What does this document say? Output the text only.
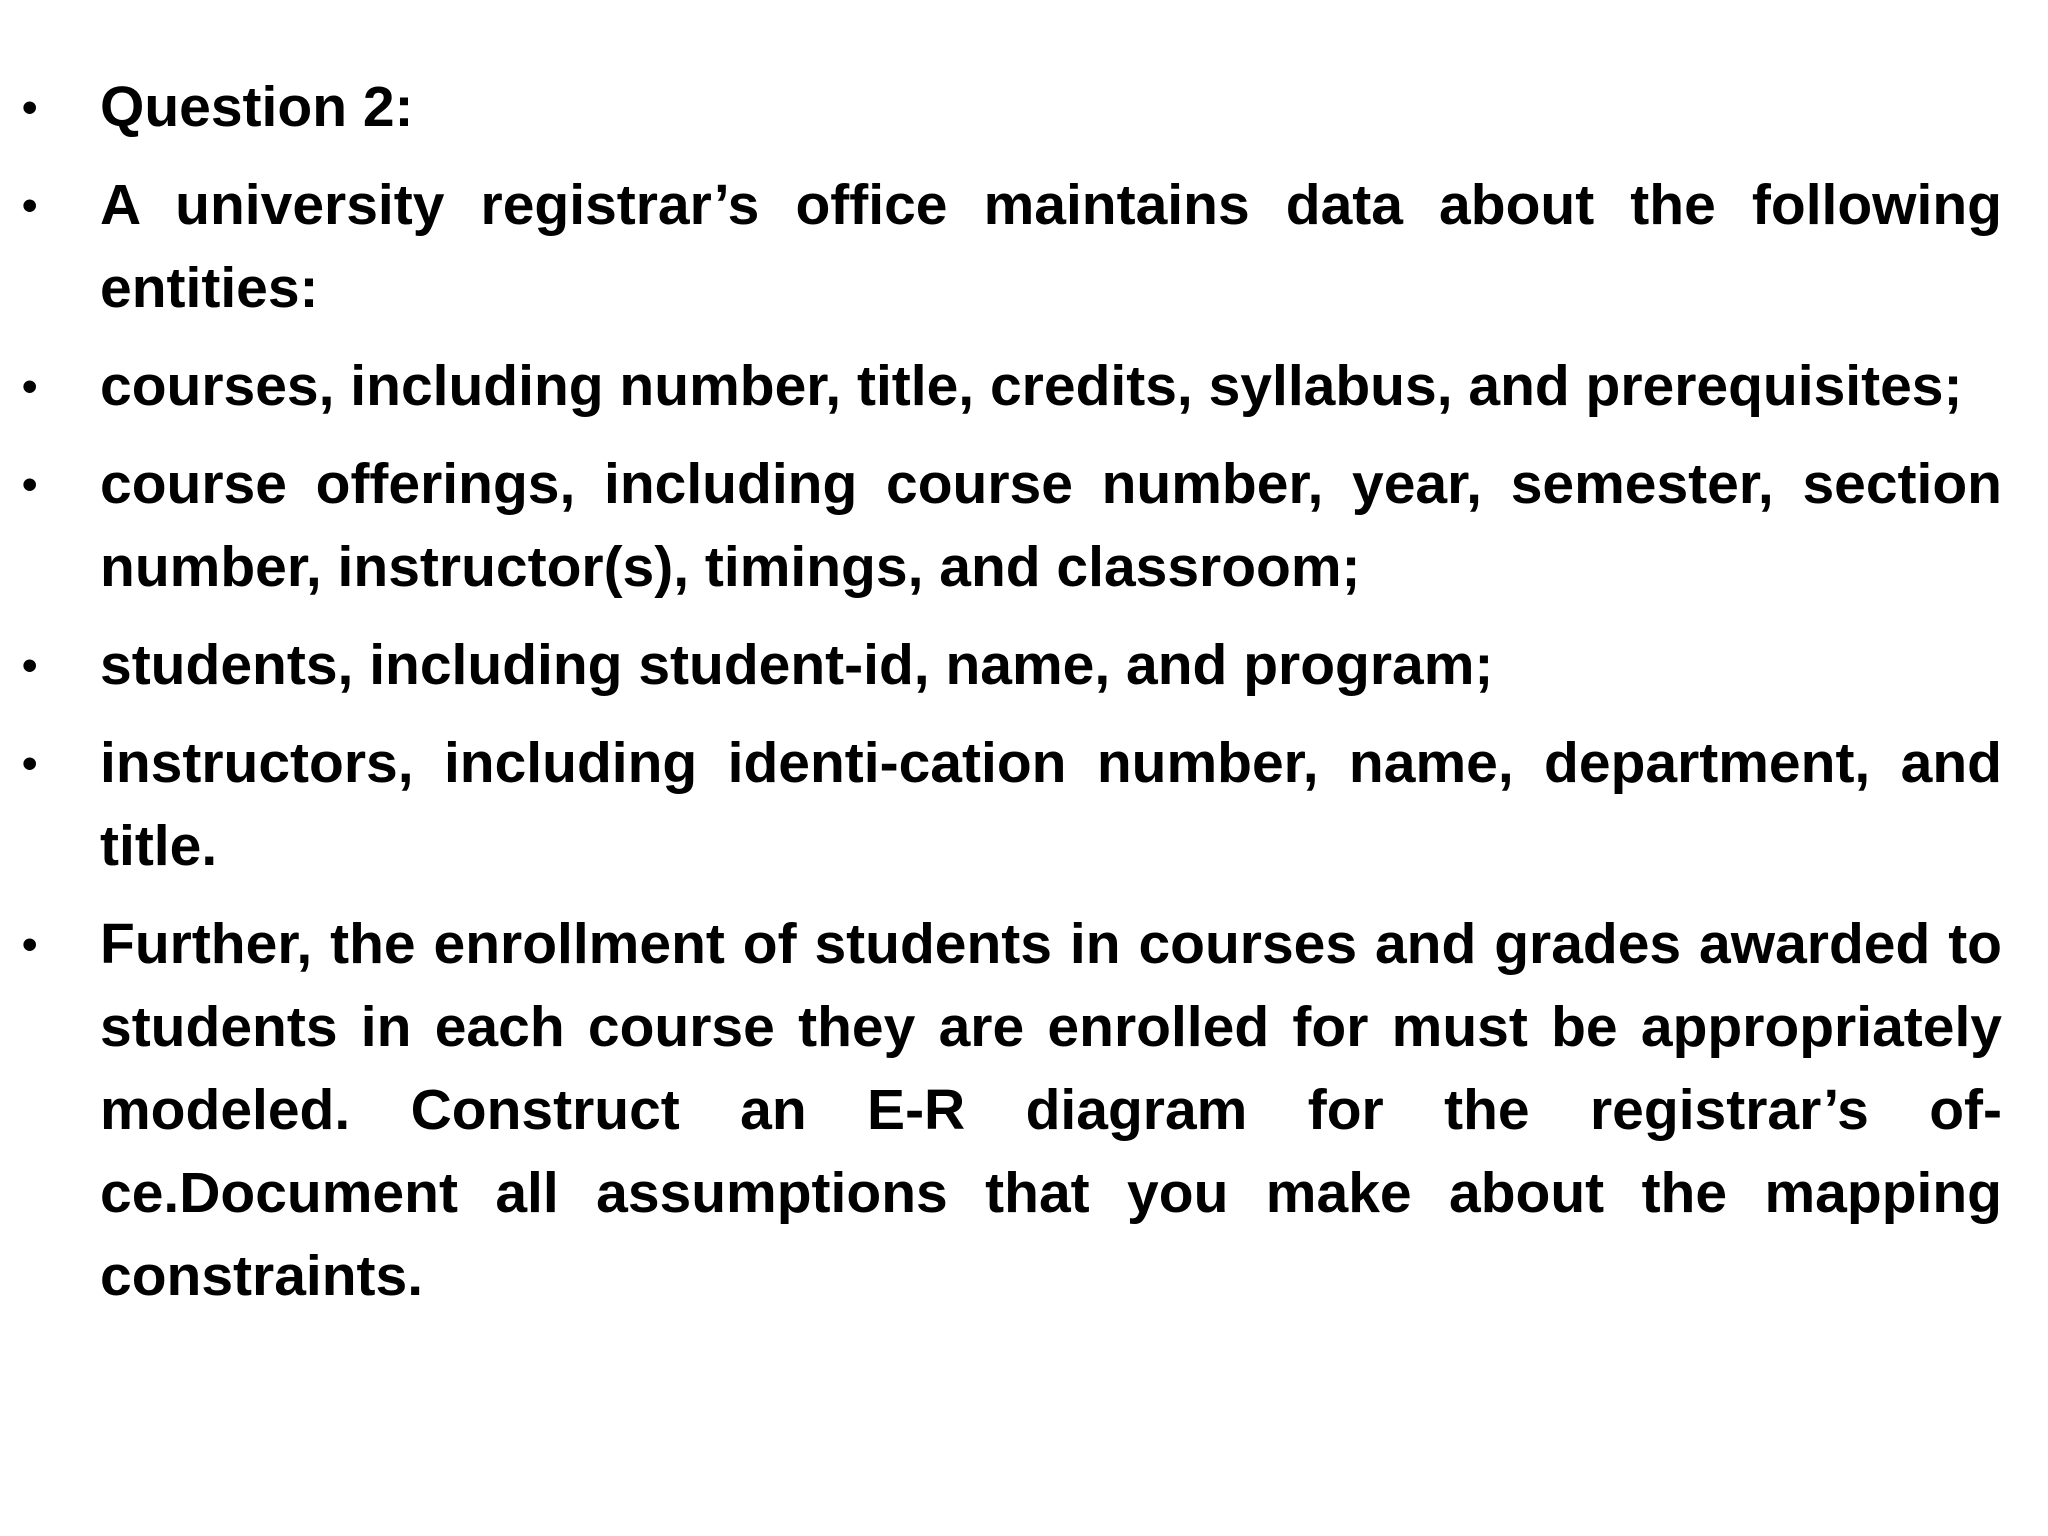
•	Question 2:
•	A university registrar’s office maintains data about the following entities:
•	courses, including number, title, credits, syllabus, and prerequisites;
•	course offerings, including course number, year, semester, section number, instructor(s), timings, and classroom;
•	students, including student-id, name, and program;
•	instructors, including identi-cation number, name, department, and title.
•	Further, the enrollment of students in courses and grades awarded to students in each course they are enrolled for must be appropriately modeled. Construct an E-R diagram for the registrar’s of-ce.Document all assumptions that you make about the mapping constraints.
